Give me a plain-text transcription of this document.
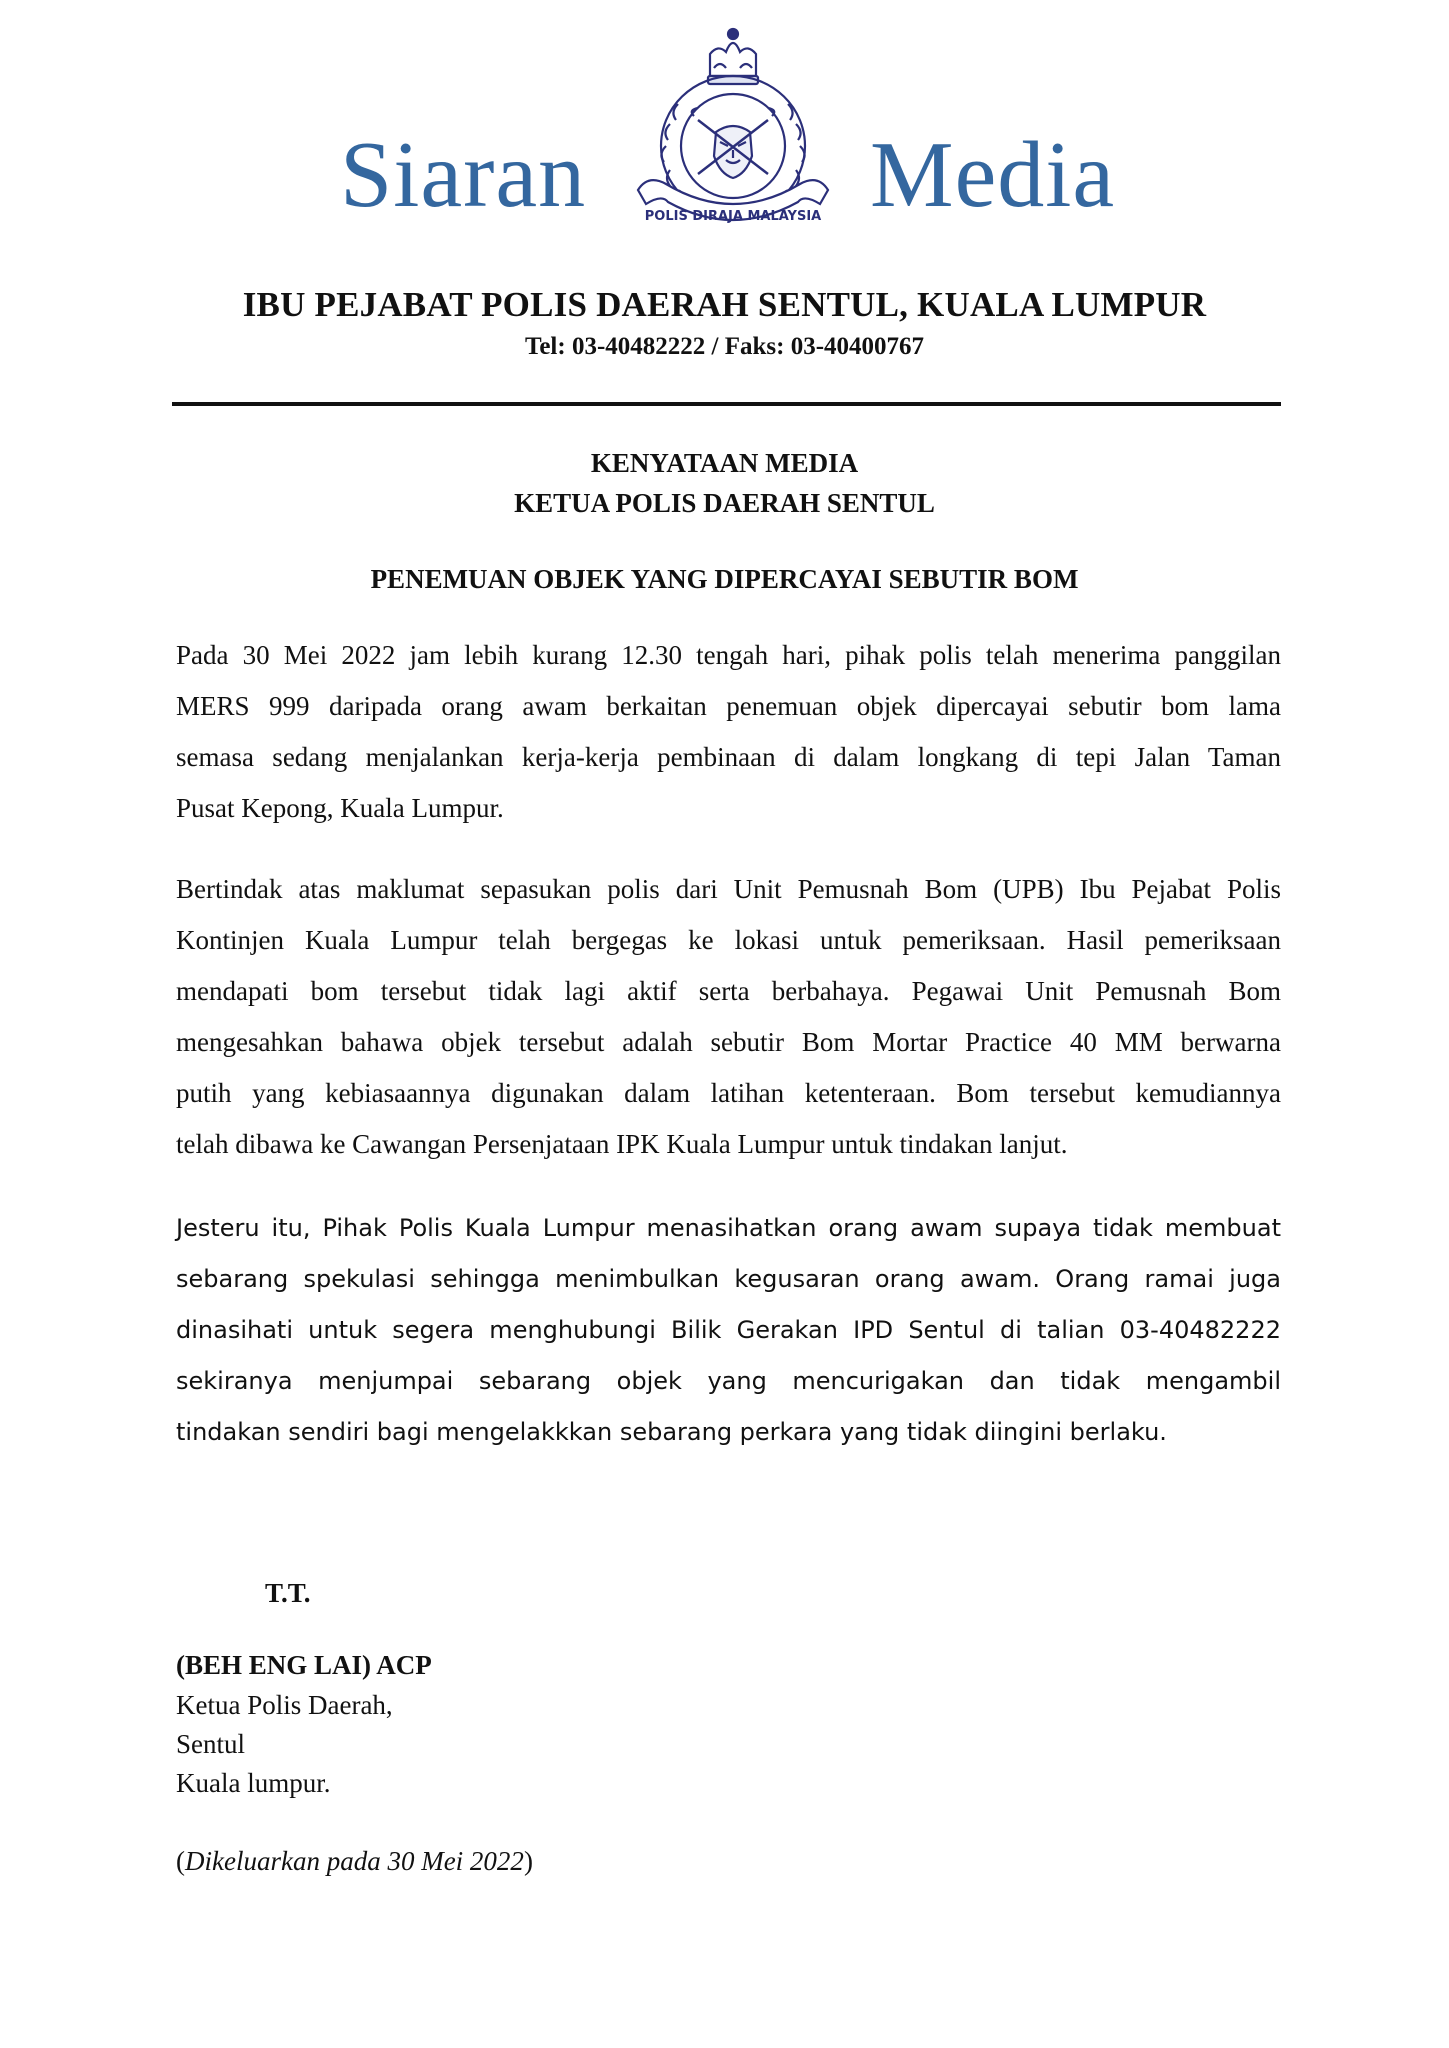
Siaran	POLIS DIRAJA MALAYSIA Media
IBU PEJABAT POLIS DAERAH SENTUL, KUALA LUMPUR
Tel: 03-40482222 / Faks: 03-40400767
KENYATAAN MEDIA
KETUA POLIS DAERAH SENTUL
PENEMUAN OBJEK YANG DIPERCAYAI SEBUTIR BOM
Pada 30 Mei 2022 jam lebih kurang 12.30 tengah hari, pihak polis telah menerima panggilan
MERS 999 daripada orang awam berkaitan penemuan objek dipercayai sebutir bom lama
semasa sedang menjalankan kerja-kerja pembinaan di dalam longkang di tepi Jalan Taman
Pusat Kepong, Kuala Lumpur.
Bertindak atas maklumat sepasukan polis dari Unit Pemusnah Bom (UPB) Ibu Pejabat Polis
Kontinjen Kuala Lumpur telah bergegas ke lokasi untuk pemeriksaan. Hasil pemeriksaan
mendapati bom tersebut tidak lagi aktif serta berbahaya. Pegawai Unit Pemusnah Bom
mengesahkan bahawa objek tersebut adalah sebutir Bom Mortar Practice 40 MM berwarna
putih yang kebiasaannya digunakan dalam latihan ketenteraan. Bom tersebut kemudiannya
telah dibawa ke Cawangan Persenjataan IPK Kuala Lumpur untuk tindakan lanjut.
Jesteru itu, Pihak Polis Kuala Lumpur menasihatkan orang awam supaya tidak membuat
sebarang spekulasi sehingga menimbulkan kegusaran orang awam. Orang ramai juga
dinasihati untuk segera menghubungi Bilik Gerakan IPD Sentul di talian 03-40482222
sekiranya menjumpai sebarang objek yang mencurigakan dan tidak mengambil
tindakan sendiri bagi mengelakkkan sebarang perkara yang tidak diingini berlaku.
T.T.
(BEH ENG LAI) ACP
Ketua Polis Daerah,
Sentul
Kuala lumpur.
(Dikeluarkan pada 30 Mei 2022)
